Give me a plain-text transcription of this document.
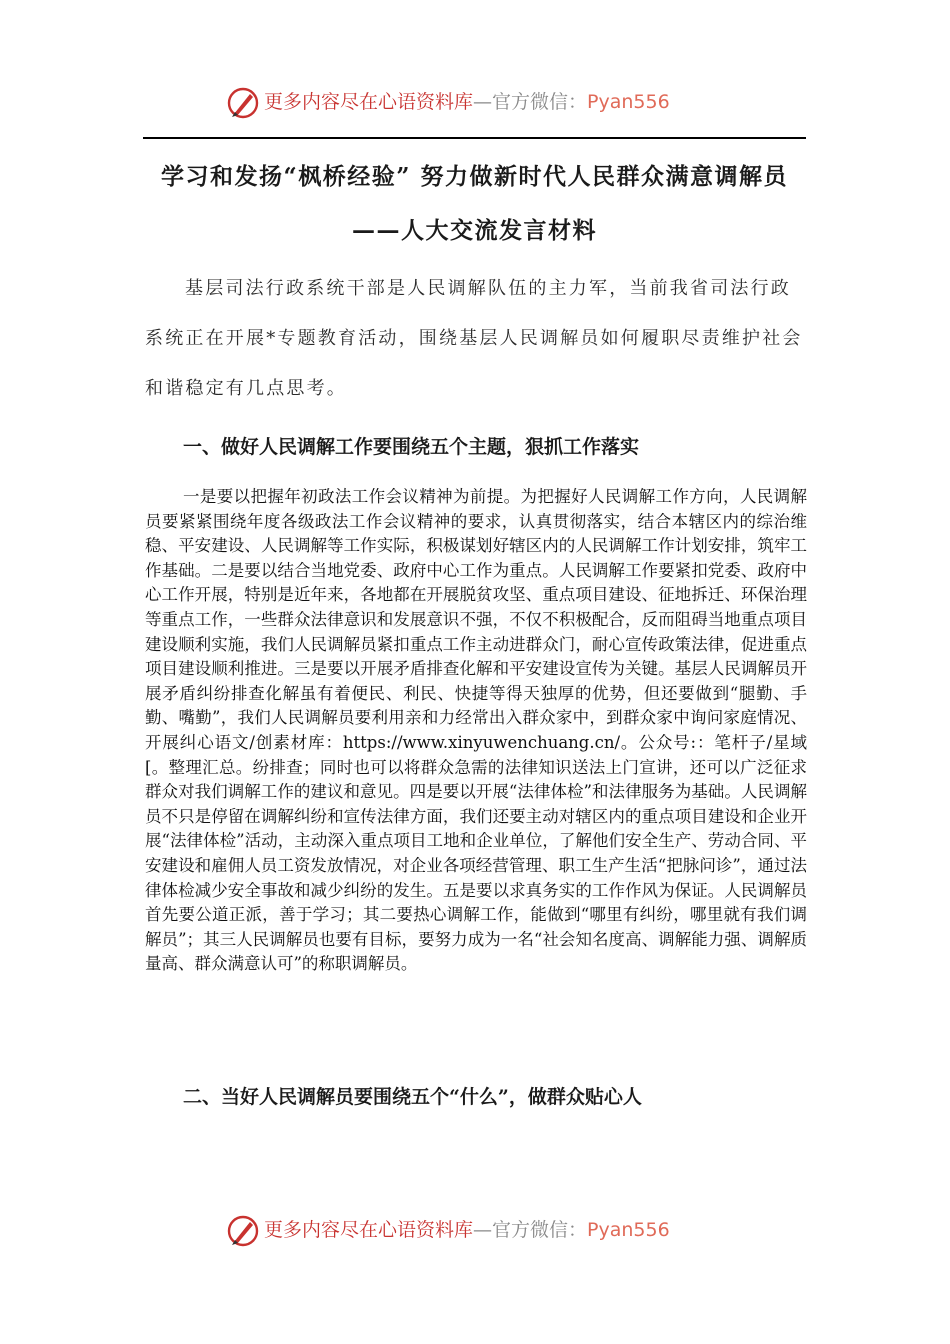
更多内容尽在心语资料库—官方微信：Pyan556
学习和发扬“枫桥经验” 努力做新时代人民群众满意调解员——人大交流发言材料
基层司法行政系统干部是人民调解队伍的主力军，当前我省司法行政系统正在开展*专题教育活动，围绕基层人民调解员如何履职尽责维护社会和谐稳定有几点思考。
一、做好人民调解工作要围绕五个主题，狠抓工作落实
一是要以把握年初政法工作会议精神为前提。为把握好人民调解工作方向，人民调解员要紧紧围绕年度各级政法工作会议精神的要求，认真贯彻落实，结合本辖区内的综治维稳、平安建设、人民调解等工作实际，积极谋划好辖区内的人民调解工作计划安排，筑牢工作基础。二是要以结合当地党委、政府中心工作为重点。人民调解工作要紧扣党委、政府中心工作开展，特别是近年来，各地都在开展脱贫攻坚、重点项目建设、征地拆迁、环保治理等重点工作，一些群众法律意识和发展意识不强，不仅不积极配合，反而阻碍当地重点项目建设顺利实施，我们人民调解员紧扣重点工作主动进群众门，耐心宣传政策法律，促进重点项目建设顺利推进。三是要以开展矛盾排查化解和平安建设宣传为关键。基层人民调解员开展矛盾纠纷排查化解虽有着便民、利民、快捷等得天独厚的优势，但还要做到“腿勤、手勤、嘴勤”，我们人民调解员要利用亲和力经常出入群众家中，到群众家中询问家庭情况、开展纠心语文/创素材库：https://www.xinyuwenchuang.cn/。公众号:：笔杆子/星域[。整理汇总。纷排查；同时也可以将群众急需的法律知识送法上门宣讲，还可以广泛征求群众对我们调解工作的建议和意见。四是要以开展“法律体检”和法律服务为基础。人民调解员不只是停留在调解纠纷和宣传法律方面，我们还要主动对辖区内的重点项目建设和企业开展“法律体检”活动，主动深入重点项目工地和企业单位，了解他们安全生产、劳动合同、平安建设和雇佣人员工资发放情况，对企业各项经营管理、职工生产生活“把脉问诊”，通过法律体检减少安全事故和减少纠纷的发生。五是要以求真务实的工作作风为保证。人民调解员首先要公道正派，善于学习；其二要热心调解工作，能做到“哪里有纠纷，哪里就有我们调解员”；其三人民调解员也要有目标，要努力成为一名“社会知名度高、调解能力强、调解质量高、群众满意认可”的称职调解员。
二、当好人民调解员要围绕五个“什么”，做群众贴心人
更多内容尽在心语资料库—官方微信：Pyan556
